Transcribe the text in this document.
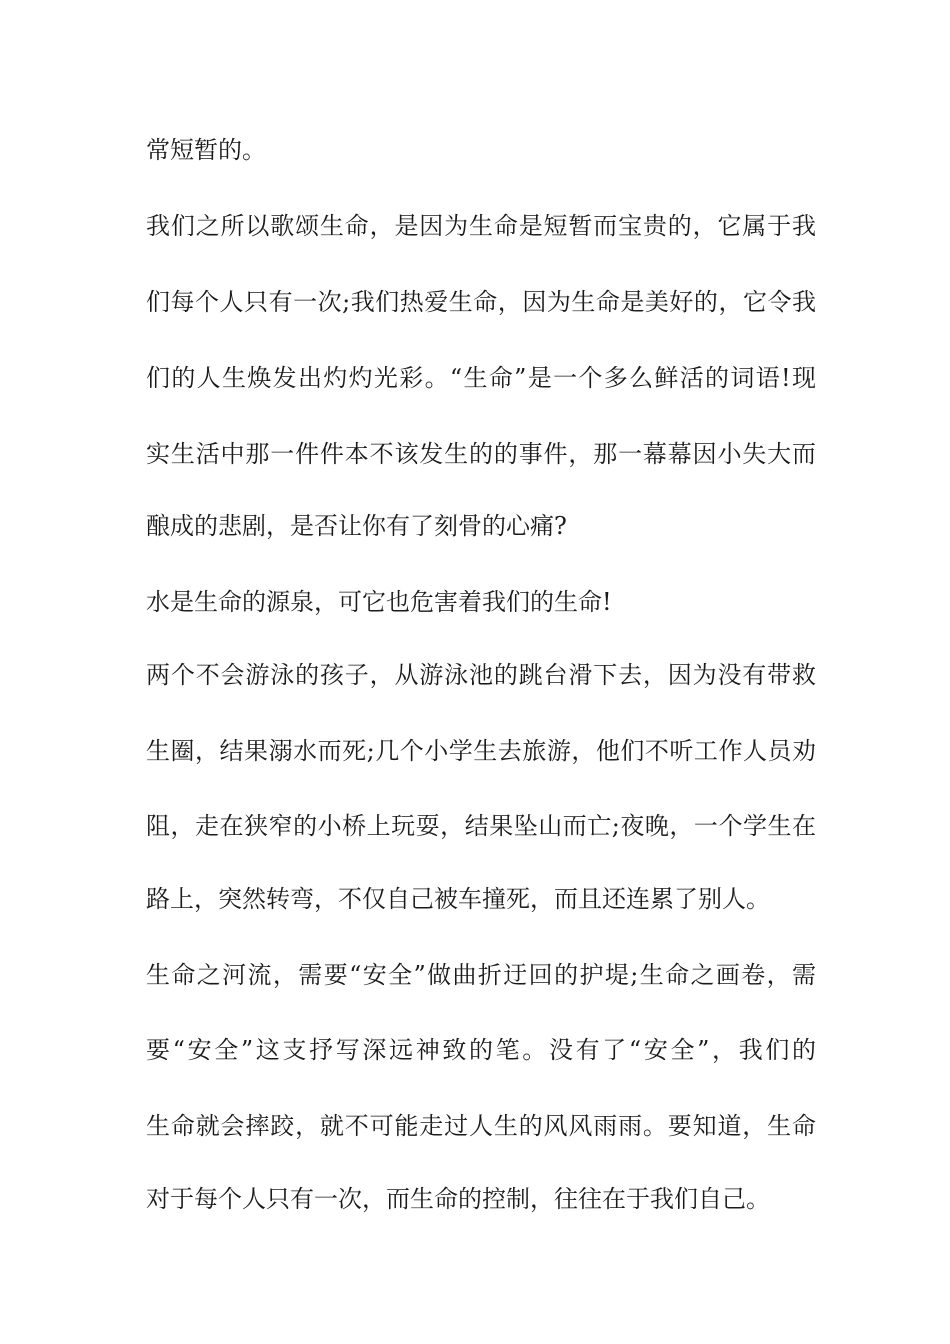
常短暂的。
我们之所以歌颂生命，是因为生命是短暂而宝贵的，它属于我
们每个人只有一次;我们热爱生命，因为生命是美好的，它令我
们的人生焕发出灼灼光彩。“生命”是一个多么鲜活的词语!现
实生活中那一件件本不该发生的的事件，那一幕幕因小失大而
酿成的悲剧，是否让你有了刻骨的心痛?
水是生命的源泉，可它也危害着我们的生命!
两个不会游泳的孩子，从游泳池的跳台滑下去，因为没有带救
生圈，结果溺水而死;几个小学生去旅游，他们不听工作人员劝
阻，走在狭窄的小桥上玩耍，结果坠山而亡;夜晚，一个学生在
路上，突然转弯，不仅自己被车撞死，而且还连累了别人。
生命之河流，需要“安全”做曲折迂回的护堤;生命之画卷，需
要“安全”这支抒写深远神致的笔。没有了“安全”，我们的
生命就会摔跤，就不可能走过人生的风风雨雨。要知道，生命
对于每个人只有一次，而生命的控制，往往在于我们自己。
